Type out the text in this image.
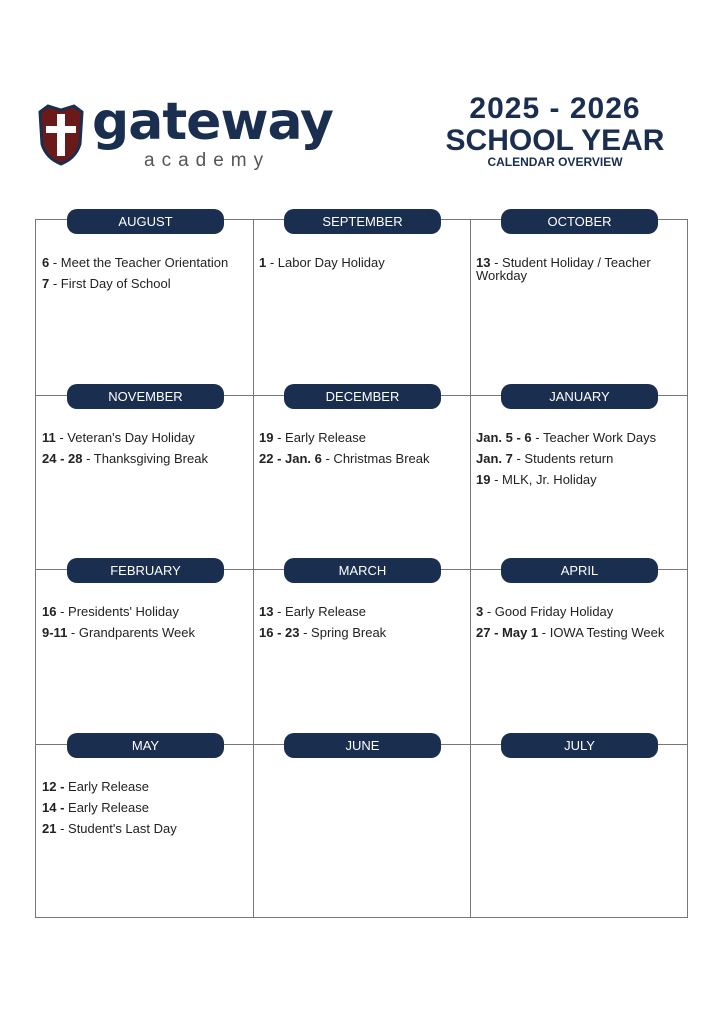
gateway
academy
2025 - 2026
SCHOOL YEAR
CALENDAR OVERVIEW
AUGUST
6 - Meet the Teacher Orientation
7 - First Day of School
SEPTEMBER
1 - Labor Day Holiday
OCTOBER
13 - Student Holiday / Teacher Workday
NOVEMBER
11 - Veteran's Day Holiday
24 - 28 - Thanksgiving Break
DECEMBER
19 - Early Release
22 - Jan. 6 - Christmas Break
JANUARY
Jan. 5 - 6 - Teacher Work Days
Jan. 7 - Students return
19 - MLK, Jr. Holiday
FEBRUARY
16 - Presidents' Holiday
9-11 - Grandparents Week
MARCH
13 - Early Release
16 - 23 - Spring Break
APRIL
3 - Good Friday Holiday
27 - May 1 - IOWA Testing Week
MAY
12 - Early Release
14 - Early Release
21 - Student's Last Day
JUNE	JULY
